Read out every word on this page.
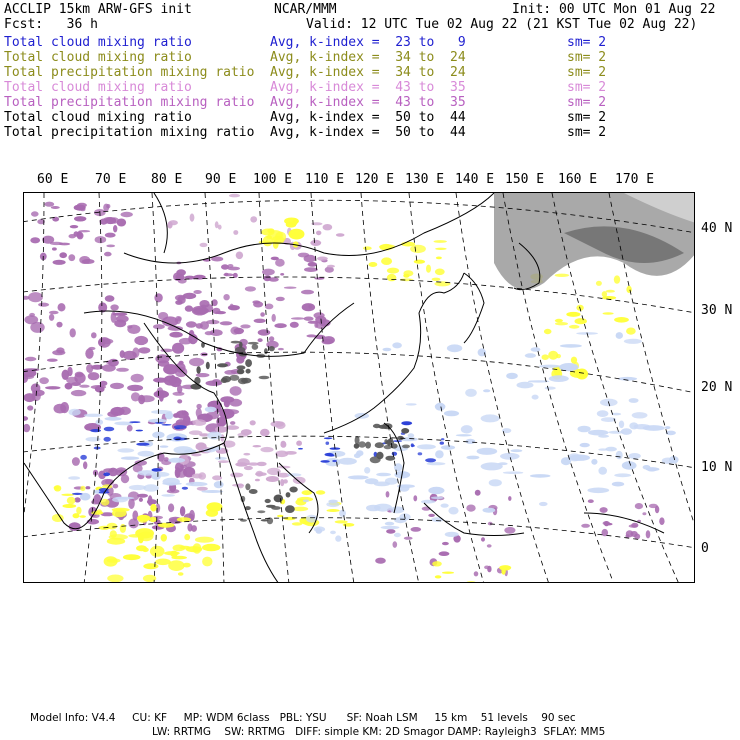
ACCLIP 15km ARW-GFS init	NCAR/MMM	Init: 00 UTC Mon 01 Aug 22
Fcst:   36 h	Valid: 12 UTC Tue 02 Aug 22 (21 KST Tue 02 Aug 22)
Total cloud mixing ratio	Avg, k-index =  23 to   9	sm= 2
Total cloud mixing ratio	Avg, k-index =  34 to  24	sm= 2
Total precipitation mixing ratio Avg, k-index =  34 to  24	sm= 2
Total cloud mixing ratio	Avg, k-index =  43 to  35	sm= 2
Total precipitation mixing ratio Avg, k-index =  43 to  35	sm= 2
Total cloud mixing ratio	Avg, k-index =  50 to  44	sm= 2
Total precipitation mixing ratio Avg, k-index =  50 to  44	sm= 2
60 E 70 E 80 E 90 E 100 E 110 E 120 E 130 E 140 E 150 E 160 E 170 E
40 N
30 N
20 N
10 N
0
Model Info: V4.4     CU: KF     MP: WDM 6class   PBL: YSU      SF: Noah LSM     15 km    51 levels    90 sec
LW: RRTMG    SW: RRTMG   DIFF: simple KM: 2D Smagor DAMP: Rayleigh3  SFLAY: MM5
